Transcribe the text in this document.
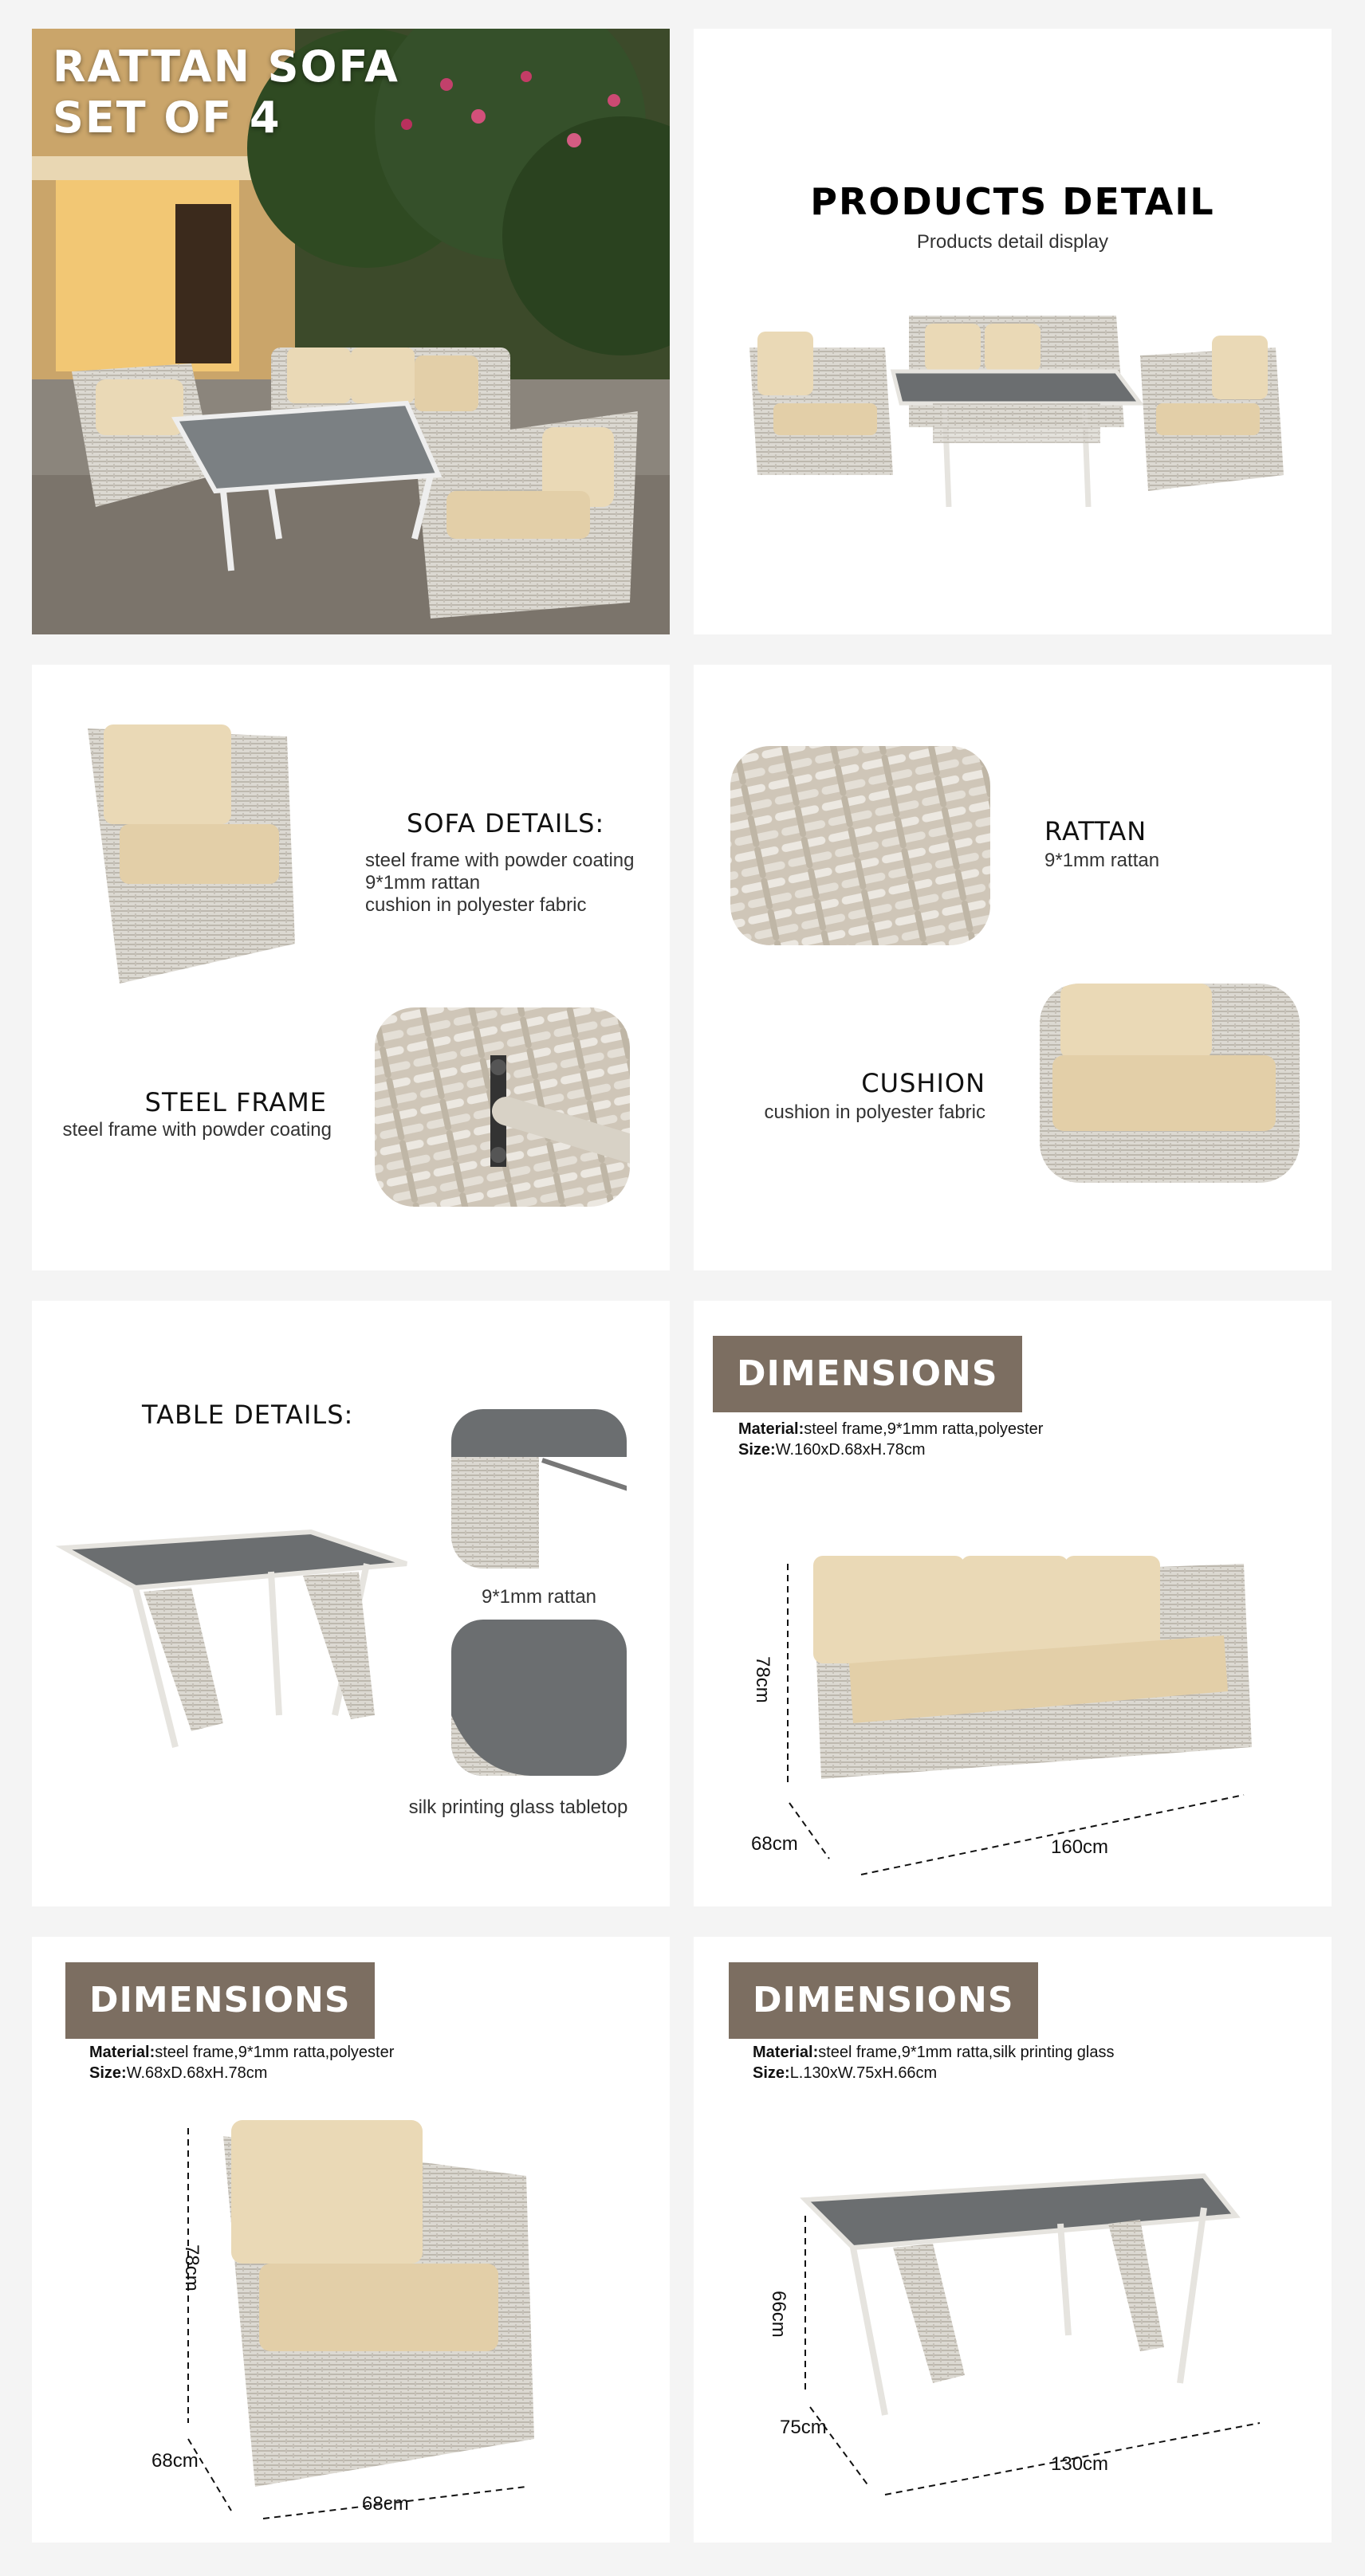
RATTAN SOFA SET OF 4
PRODUCTS DETAIL
Products detail display
SOFA DETAILS:
steel frame with powder coating
9*1mm rattan
cushion in polyester fabric
STEEL FRAME
steel frame with powder coating
RATTAN
9*1mm rattan
CUSHION
cushion in polyester fabric
TABLE DETAILS:
9*1mm rattan
silk printing glass tabletop
DIMENSIONS
Material:steel frame,9*1mm ratta,polyester
Size:W.160xD.68xH.78cm
78cm
68cm	160cm
DIMENSIONS
Material:steel frame,9*1mm ratta,polyester
Size:W.68xD.68xH.78cm
78cm
68cm
68cm
DIMENSIONS
Material:steel frame,9*1mm ratta,silk printing glass
Size:L.130xW.75xH.66cm
66cm
75cm
130cm
